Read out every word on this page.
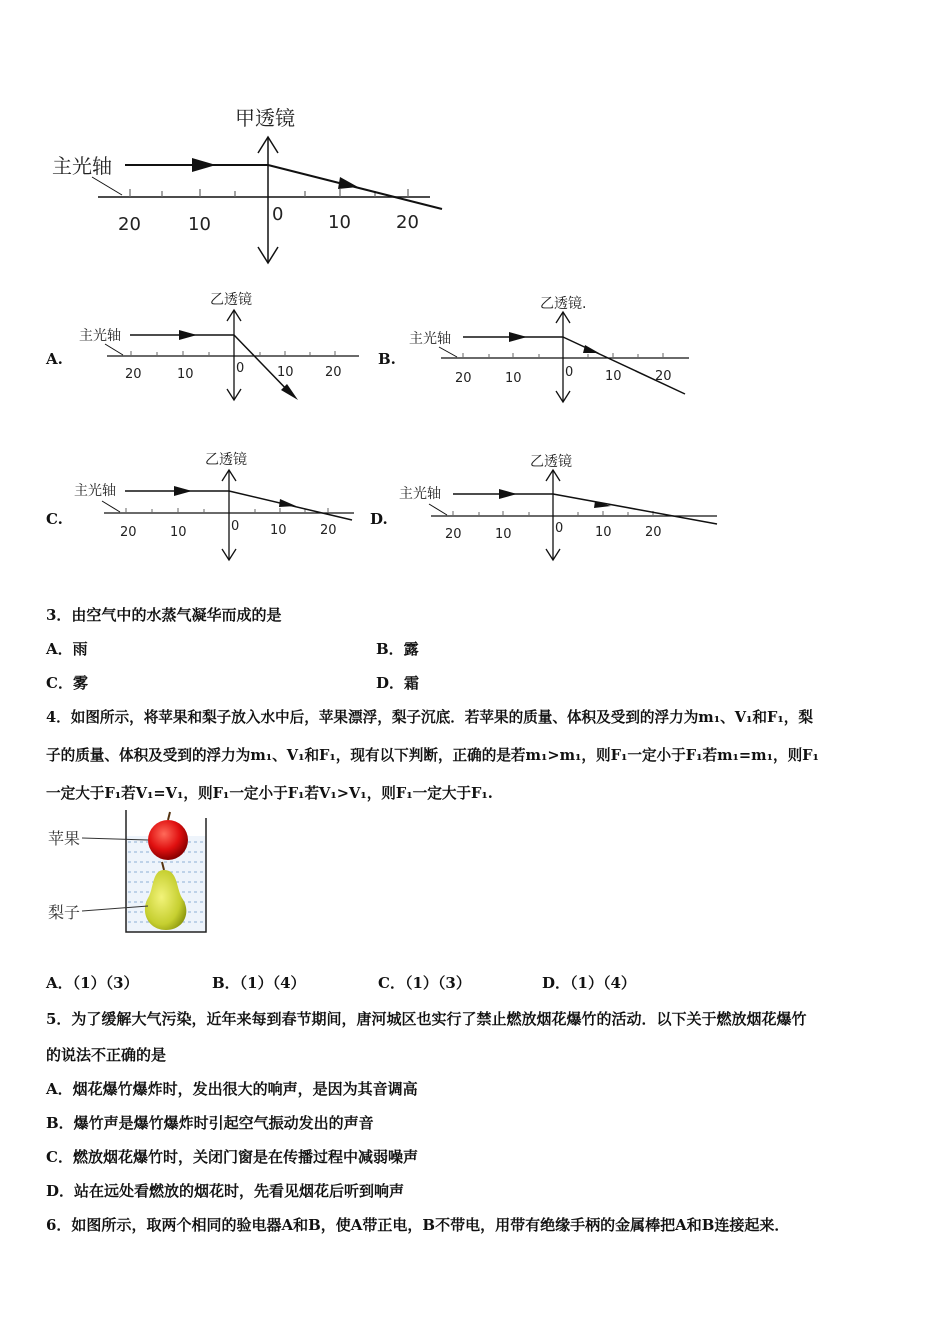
甲透镜
主光轴
20	10	0 10	20
A.
乙透镜
主光轴
20	10	0	10 20
B.
乙透镜.
主光轴
20	10	0 10	20
C.
乙透镜
主光轴
20	10	0 10	20
D.
乙透镜
主光轴
20	10	0 10	20
3．由空气中的水蒸气凝华而成的是
A．雨	B．露
C．雾	D．霜
4．如图所示，将苹果和梨子放入水中后，苹果漂浮，梨子沉底．若苹果的质量、体积及受到的浮力为m₁、V₁和F₁，梨
子的质量、体积及受到的浮力为m₁、V₁和F₁，现有以下判断，正确的是若m₁>m₁，则F₁一定小于F₁若m₁=m₁，则F₁
一定大于F₁若V₁=V₁，则F₁一定小于F₁若V₁>V₁，则F₁一定大于F₁.
苹果
梨子
A．（1）（3）	B．（1）（4）	C．（1）（3）	D．（1）（4）
5．为了缓解大气污染，近年来每到春节期间，唐河城区也实行了禁止燃放烟花爆竹的活动．以下关于燃放烟花爆竹
的说法不正确的是
A．烟花爆竹爆炸时，发出很大的响声，是因为其音调高
B．爆竹声是爆竹爆炸时引起空气振动发出的声音
C．燃放烟花爆竹时，关闭门窗是在传播过程中减弱噪声
D．站在远处看燃放的烟花时，先看见烟花后听到响声
6．如图所示，取两个相同的验电器A和B，使A带正电，B不带电，用带有绝缘手柄的金属棒把A和B连接起来．
